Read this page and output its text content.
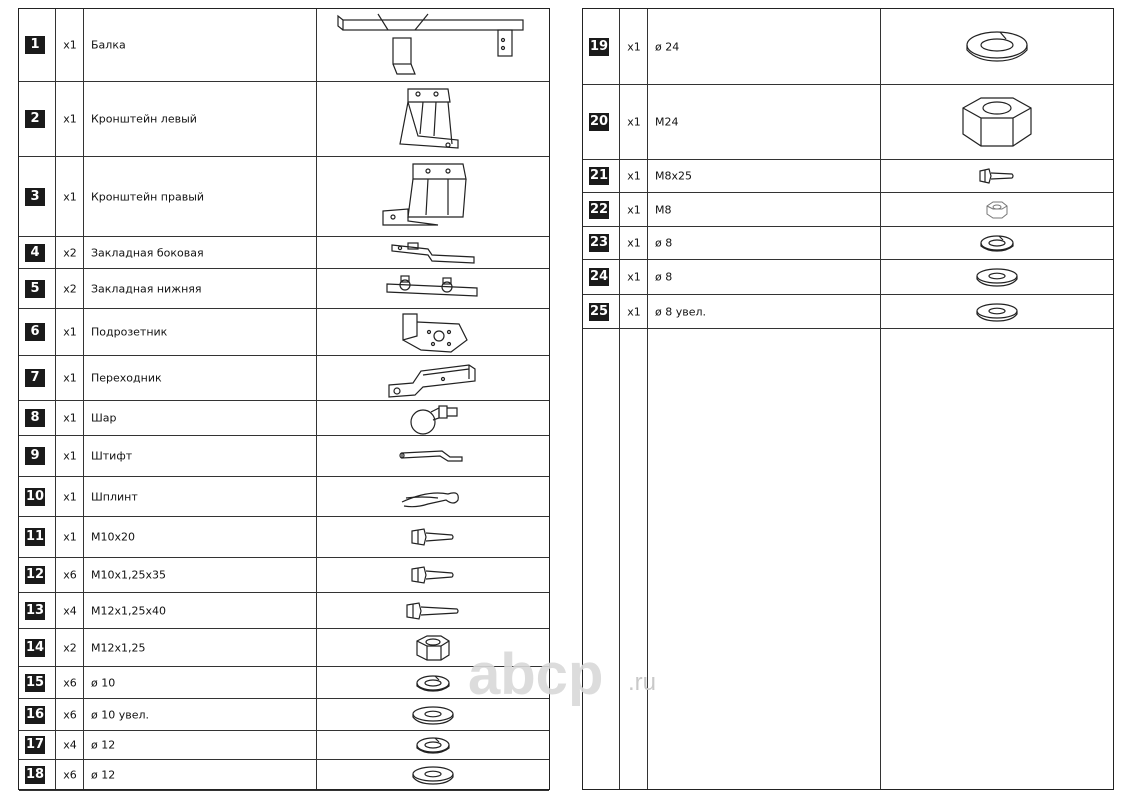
1	x1	Балка
2	x1	Кронштейн левый
3	x1	Кронштейн правый
4	x2	Закладная боковая
5	x2	Закладная нижняя
6	x1	Подрозетник
7	x1	Переходник
8	x1	Шар
9	x1	Штифт
10	x1	Шплинт
11	x1	M10x20
12	x6	M10x1,25x35
13	x4	M12x1,25x40
14	x2	M12x1,25
15	x6	ø 10
16	x6	ø 10 увел.
17	x4	ø 12
18	x6	ø 12
19	x1	ø 24
20	x1	M24
21	x1	M8x25
22	x1	M8
23	x1	ø 8
24	x1	ø 8
25	x1	ø 8 увел.
abcp .ru
